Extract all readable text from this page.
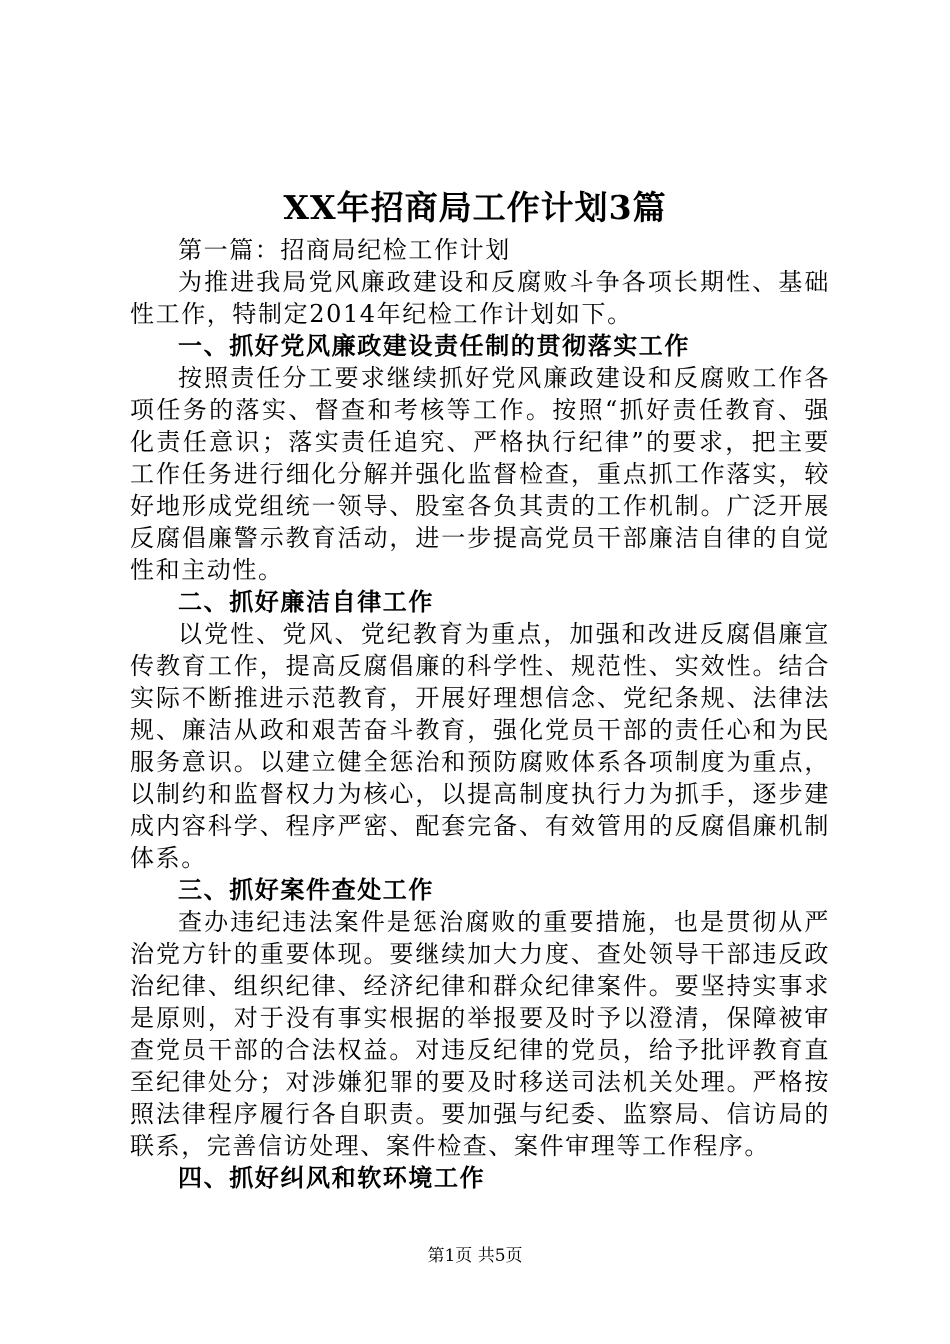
XX年招商局工作计划3篇

第一篇：招商局纪检工作计划

为推进我局党风廉政建设和反腐败斗争各项长期性、基础性工作，特制定2014年纪检工作计划如下。

一、抓好党风廉政建设责任制的贯彻落实工作

按照责任分工要求继续抓好党风廉政建设和反腐败工作各项任务的落实、督查和考核等工作。按照“抓好责任教育、强化责任意识；落实责任追究、严格执行纪律”的要求，把主要工作任务进行细化分解并强化监督检查，重点抓工作落实，较好地形成党组统一领导、股室各负其责的工作机制。广泛开展反腐倡廉警示教育活动，进一步提高党员干部廉洁自律的自觉性和主动性。

二、抓好廉洁自律工作

以党性、党风、党纪教育为重点，加强和改进反腐倡廉宣传教育工作，提高反腐倡廉的科学性、规范性、实效性。结合实际不断推进示范教育，开展好理想信念、党纪条规、法律法规、廉洁从政和艰苦奋斗教育，强化党员干部的责任心和为民服务意识。以建立健全惩治和预防腐败体系各项制度为重点，以制约和监督权力为核心，以提高制度执行力为抓手，逐步建成内容科学、程序严密、配套完备、有效管用的反腐倡廉机制体系。

三、抓好案件查处工作

查办违纪违法案件是惩治腐败的重要措施，也是贯彻从严治党方针的重要体现。要继续加大力度、查处领导干部违反政治纪律、组织纪律、经济纪律和群众纪律案件。要坚持实事求是原则，对于没有事实根据的举报要及时予以澄清，保障被审查党员干部的合法权益。对违反纪律的党员，给予批评教育直至纪律处分；对涉嫌犯罪的要及时移送司法机关处理。严格按照法律程序履行各自职责。要加强与纪委、监察局、信访局的联系，完善信访处理、案件检查、案件审理等工作程序。

四、抓好纠风和软环境工作

第1页 共5页
